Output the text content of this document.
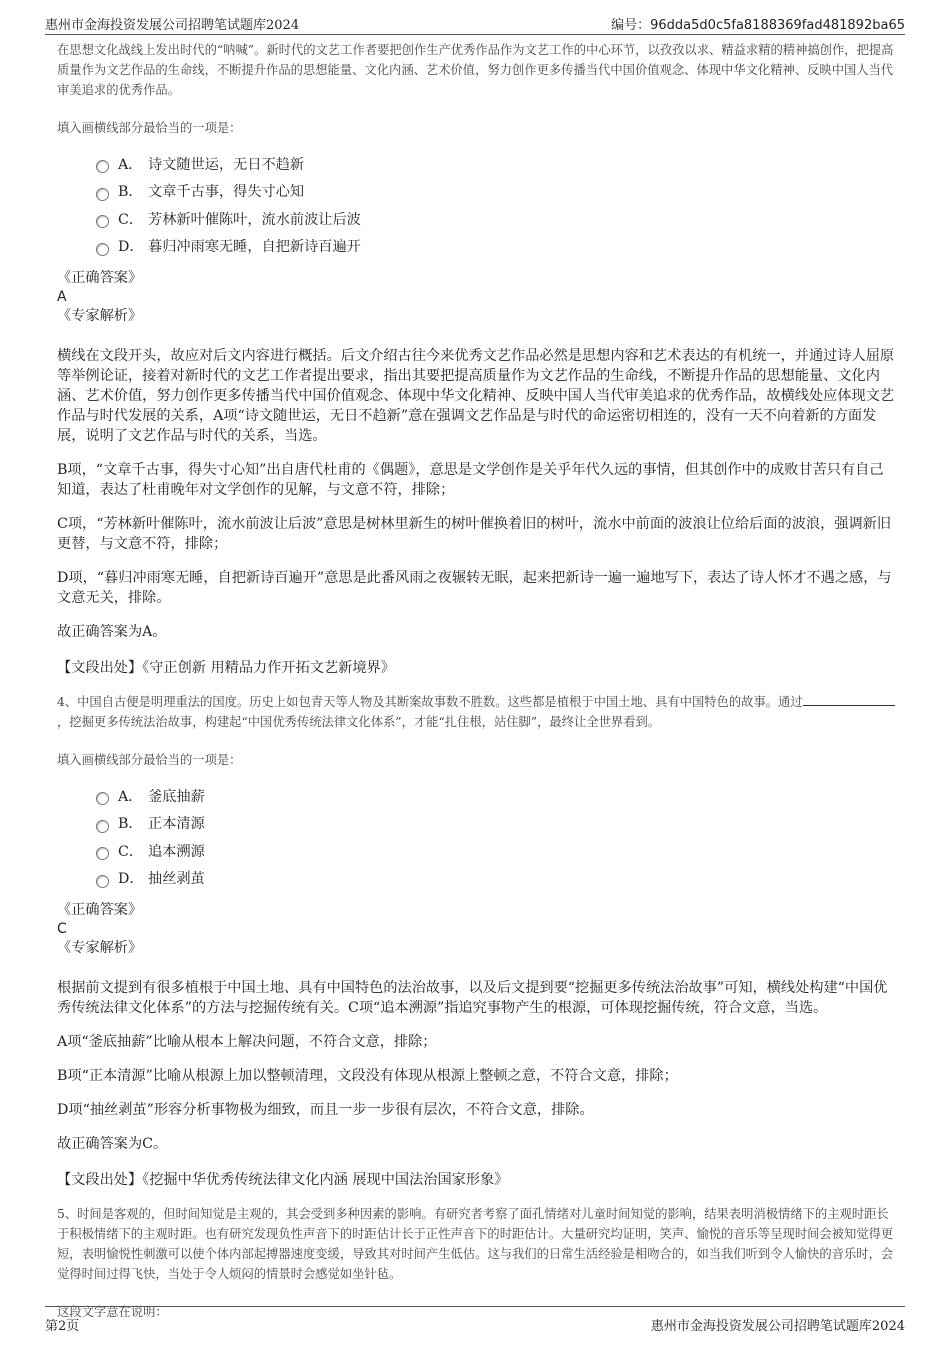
惠州市金海投资发展公司招聘笔试题库2024	编号：96dda5d0c5fa8188369fad481892ba65

在思想文化战线上发出时代的“呐喊”。新时代的文艺工作者要把创作生产优秀作品作为文艺工作的中心环节，以孜孜以求、精益求精的精神搞创作，把提高质量作为文艺作品的生命线，不断提升作品的思想能量、文化内涵、艺术价值，努力创作更多传播当代中国价值观念、体现中华文化精神、反映中国人当代审美追求的优秀作品。

填入画横线部分最恰当的一项是：

A． 诗文随世运，无日不趋新
B． 文章千古事，得失寸心知
C． 芳林新叶催陈叶，流水前波让后波
D． 暮归冲雨寒无睡，自把新诗百遍开

《正确答案》

A

《专家解析》

横线在文段开头，故应对后文内容进行概括。后文介绍古往今来优秀文艺作品必然是思想内容和艺术表达的有机统一，并通过诗人屈原等举例论证，接着对新时代的文艺工作者提出要求，指出其要把提高质量作为文艺作品的生命线，不断提升作品的思想能量、文化内涵、艺术价值，努力创作更多传播当代中国价值观念、体现中华文化精神、反映中国人当代审美追求的优秀作品，故横线处应体现文艺作品与时代发展的关系，A项“诗文随世运，无日不趋新”意在强调文艺作品是与时代的命运密切相连的，没有一天不向着新的方面发展，说明了文艺作品与时代的关系，当选。

B项，“文章千古事，得失寸心知”出自唐代杜甫的《偶题》，意思是文学创作是关乎年代久远的事情，但其创作中的成败甘苦只有自己知道，表达了杜甫晚年对文学创作的见解，与文意不符，排除；

C项，“芳林新叶催陈叶，流水前波让后波”意思是树林里新生的树叶催换着旧的树叶，流水中前面的波浪让位给后面的波浪，强调新旧更替，与文意不符，排除；

D项，“暮归冲雨寒无睡，自把新诗百遍开”意思是此番风雨之夜辗转无眠，起来把新诗一遍一遍地写下，表达了诗人怀才不遇之感，与文意无关，排除。

故正确答案为A。

【文段出处】《守正创新 用精品力作开拓文艺新境界》

4、中国自古便是明理重法的国度。历史上如包青天等人物及其断案故事数不胜数。这些都是植根于中国土地、具有中国特色的故事。通过，挖掘更多传统法治故事，构建起“中国优秀传统法律文化体系”，才能“扎住根，站住脚”，最终让全世界看到。

填入画横线部分最恰当的一项是：

A． 釜底抽薪
B． 正本清源
C． 追本溯源
D． 抽丝剥茧

《正确答案》

C

《专家解析》

根据前文提到有很多植根于中国土地、具有中国特色的法治故事，以及后文提到要“挖掘更多传统法治故事”可知，横线处构建“中国优秀传统法律文化体系”的方法与挖掘传统有关。C项“追本溯源”指追究事物产生的根源，可体现挖掘传统，符合文意，当选。

A项“釜底抽薪”比喻从根本上解决问题，不符合文意，排除；

B项“正本清源”比喻从根源上加以整顿清理，文段没有体现从根源上整顿之意，不符合文意，排除；

D项“抽丝剥茧”形容分析事物极为细致，而且一步一步很有层次，不符合文意，排除。

故正确答案为C。

【文段出处】《挖掘中华优秀传统法律文化内涵 展现中国法治国家形象》

5、时间是客观的，但时间知觉是主观的，其会受到多种因素的影响。有研究者考察了面孔情绪对儿童时间知觉的影响，结果表明消极情绪下的主观时距长于积极情绪下的主观时距。也有研究发现负性声音下的时距估计长于正性声音下的时距估计。大量研究均证明，笑声、愉悦的音乐等呈现时间会被知觉得更短，表明愉悦性刺激可以使个体内部起搏器速度变缓，导致其对时间产生低估。这与我们的日常生活经验是相吻合的，如当我们听到令人愉快的音乐时，会觉得时间过得飞快，当处于令人烦闷的情景时会感觉如坐针毡。

这段文字意在说明：

第2页	惠州市金海投资发展公司招聘笔试题库2024
